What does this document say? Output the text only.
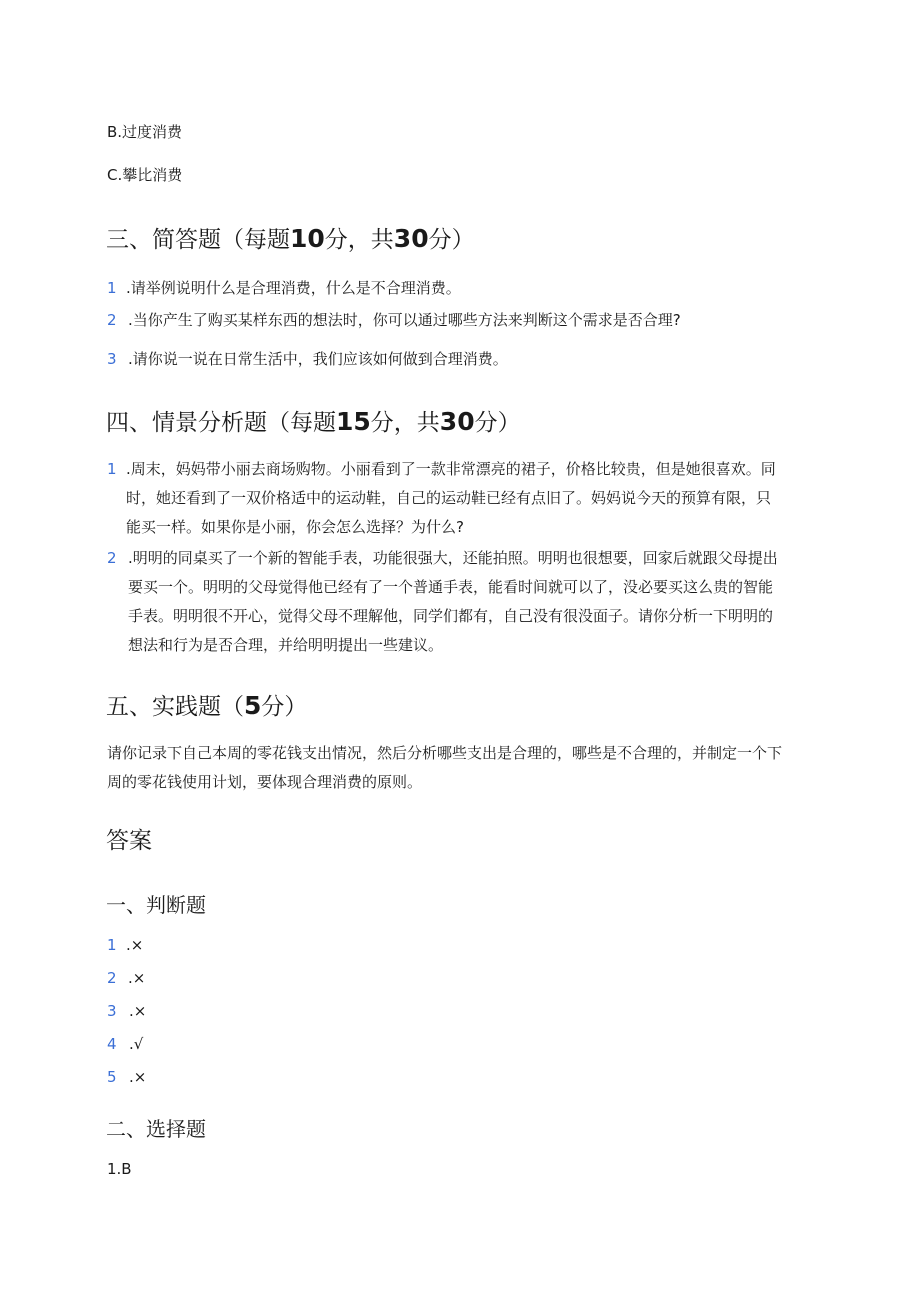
B.过度消费
C.攀比消费
三、简答题（每题10分，共30分）
1 .请举例说明什么是合理消费，什么是不合理消费。
2 .当你产生了购买某样东西的想法时，你可以通过哪些方法来判断这个需求是否合理?
3 .请你说一说在日常生活中，我们应该如何做到合理消费。
四、情景分析题（每题15分，共30分）
1 .周末，妈妈带小丽去商场购物。小丽看到了一款非常漂亮的裙子，价格比较贵，但是她很喜欢。同
时，她还看到了一双价格适中的运动鞋，自己的运动鞋已经有点旧了。妈妈说今天的预算有限，只
能买一样。如果你是小丽，你会怎么选择？为什么?
2 .明明的同桌买了一个新的智能手表，功能很强大，还能拍照。明明也很想要，回家后就跟父母提出
要买一个。明明的父母觉得他已经有了一个普通手表，能看时间就可以了，没必要买这么贵的智能
手表。明明很不开心，觉得父母不理解他，同学们都有，自己没有很没面子。请你分析一下明明的
想法和行为是否合理，并给明明提出一些建议。
五、实践题（5分）
请你记录下自己本周的零花钱支出情况，然后分析哪些支出是合理的，哪些是不合理的，并制定一个下
周的零花钱使用计划，要体现合理消费的原则。
答案
一、判断题
1 .×
2 .×
3 .×
4 .√
5 .×
二、选择题
1.B
